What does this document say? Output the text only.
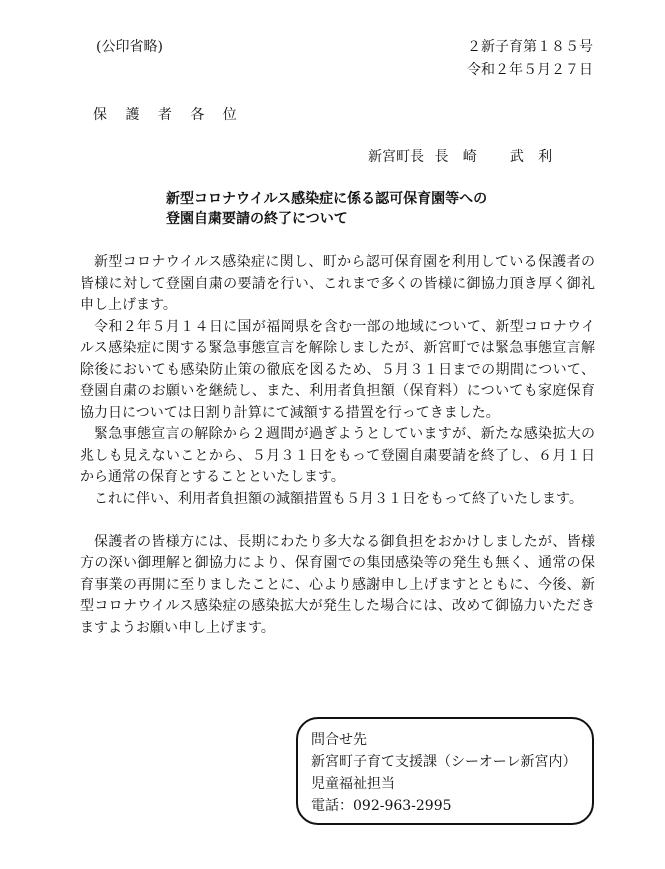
(公印省略)	２新子育第１８５号
令和２年５月２７日
保 護 者 各 位
新宮町長 長 崎　 武 利
新型コロナウイルス感染症に係る認可保育園等への
登園自粛要請の終了について

新型コロナウイルス感染症に関し、町から認可保育園を利用している保護者の皆様に対して登園自粛の要請を行い、これまで多くの皆様に御協力頂き厚く御礼申し上げます。

令和２年５月１４日に国が福岡県を含む一部の地域について、新型コロナウイルス感染症に関する緊急事態宣言を解除しましたが、新宮町では緊急事態宣言解除後においても感染防止策の徹底を図るため、５月３１日までの期間について、登園自粛のお願いを継続し、また、利用者負担額（保育料）についても家庭保育協力日については日割り計算にて減額する措置を行ってきました。

緊急事態宣言の解除から２週間が過ぎようとしていますが、新たな感染拡大の兆しも見えないことから、５月３１日をもって登園自粛要請を終了し、６月１日から通常の保育とすることといたします。

これに伴い、利用者負担額の減額措置も５月３１日をもって終了いたします。

保護者の皆様方には、長期にわたり多大なる御負担をおかけしましたが、皆様方の深い御理解と御協力により、保育園での集団感染等の発生も無く、通常の保育事業の再開に至りましたことに、心より感謝申し上げますとともに、今後、新型コロナウイルス感染症の感染拡大が発生した場合には、改めて御協力いただきますようお願い申し上げます。

問合せ先
新宮町子育て支援課（シーオーレ新宮内）
児童福祉担当
電話：092-963-2995
